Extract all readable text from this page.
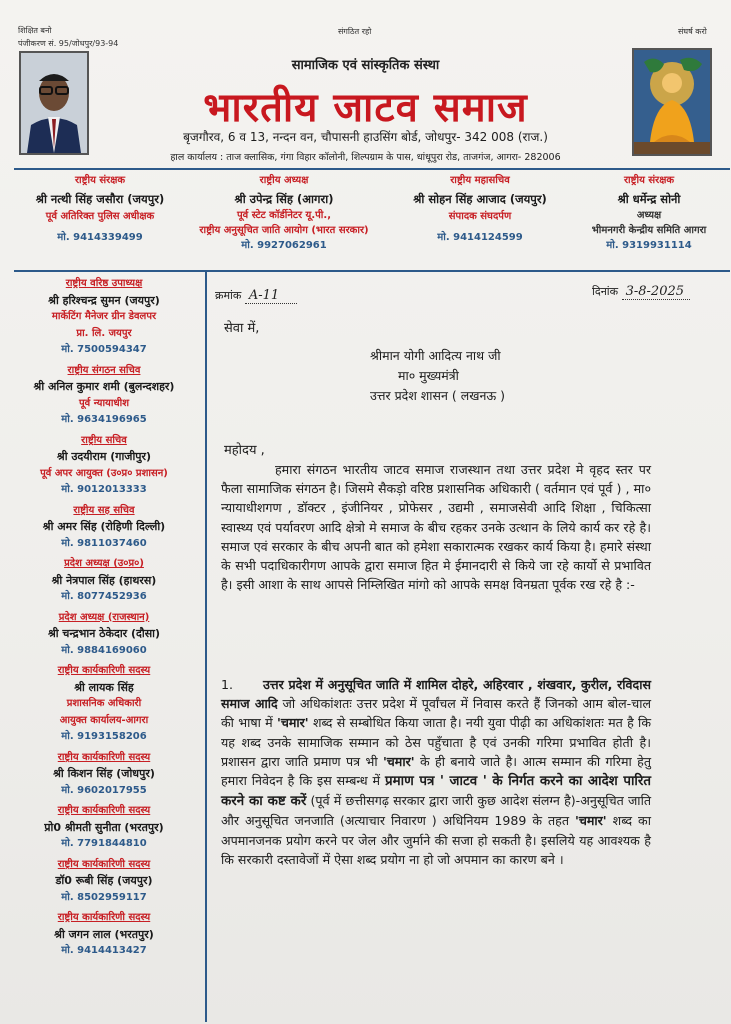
शिक्षित बनो
पंजीकरण सं. 95/जोधपुर/93-94
संगठित रहो	संघर्ष करो
सामाजिक एवं सांस्कृतिक संस्था
भारतीय जाटव समाज
बृजगौरव, 6 व 13, नन्दन वन, चौपासनी हाउसिंग बोर्ड, जोधपुर- 342 008 (राज.)
हाल कार्यालय : ताज क्लासिक, गंगा विहार कॉलोनी, शिल्पग्राम के पास, धांधूपुरा रोड, ताजगंज, आगरा- 282006
राष्ट्रीय संरक्षक
श्री नत्थी सिंह जसौरा (जयपुर)
पूर्व अतिरिक्त पुलिस अधीक्षक
मो. 9414339499
राष्ट्रीय अध्यक्ष
श्री उपेन्द्र सिंह (आगरा)
पूर्व स्टेट कॉर्डीनेटर यू.पी.,
राष्ट्रीय अनुसूचित जाति आयोग (भारत सरकार)
मो. 9927062961
राष्ट्रीय महासचिव
श्री सोहन सिंह आजाद (जयपुर)
संपादक संघदर्पण
मो. 9414124599
राष्ट्रीय संरक्षक
श्री धर्मेन्द्र सोनी
अध्यक्ष
भीमनगरी केन्द्रीय समिति आगरा
मो. 9319931114
राष्ट्रीय वरिष्ठ उपाध्यक्ष
श्री हरिश्चन्द्र सुमन (जयपुर)
मार्केटिंग मैनेजर ग्रीन डेवलपर
प्रा. लि. जयपुर
मो. 7500594347
राष्ट्रीय संगठन सचिव
श्री अनिल कुमार शमी (बुलन्दशहर)
पूर्व न्यायाधीश
मो. 9634196965
राष्ट्रीय सचिव
श्री उदयीराम (गाजीपुर)
पूर्व अपर आयुक्त (उ०प्र० प्रशासन)
मो. 9012013333
राष्ट्रीय सह सचिव
श्री अमर सिंह (रोहिणी दिल्ली)
मो. 9811037460
प्रदेश अध्यक्ष (उ०प्र०)
श्री नेत्रपाल सिंह (हाथरस)
मो. 8077452936
प्रदेश अध्यक्ष (राजस्थान)
श्री चन्द्रभान ठेकेदार (दौसा)
मो. 9884169060
राष्ट्रीय कार्यकारिणी सदस्य
श्री लायक सिंह
प्रशासनिक अधिकारी
आयुक्त कार्यालय-आगरा
मो. 9193158206
राष्ट्रीय कार्यकारिणी सदस्य
श्री किशन सिंह (जोधपुर)
मो. 9602017955
राष्ट्रीय कार्यकारिणी सदस्य
प्रो0 श्रीमती सुनीता (भरतपुर)
मो. 7791844810
राष्ट्रीय कार्यकारिणी सदस्य
डॉ0 रूबी सिंह (जयपुर)
मो. 8502959117
राष्ट्रीय कार्यकारिणी सदस्य
श्री जगन लाल (भरतपुर)
मो. 9414413427
क्रमांक A-11	दिनांक 3-8-2025
सेवा में,
श्रीमान योगी आदित्य नाथ जी
मा० मुख्यमंत्री
उत्तर प्रदेश शासन ( लखनऊ )
महोदय ,
हमारा संगठन भारतीय जाटव समाज राजस्थान तथा उत्तर प्रदेश मे वृहद स्तर पर फैला सामाजिक संगठन है। जिसमे सैकड़ो वरिष्ठ प्रशासनिक अधिकारी ( वर्तमान एवं पूर्व ) , मा० न्यायाधीशगण , डॉक्टर , इंजीनियर , प्रोफेसर , उद्यमी , समाजसेवी आदि शिक्षा , चिकित्सा स्वास्थ्य एवं पर्यावरण आदि क्षेत्रो मे समाज के बीच रहकर उनके उत्थान के लिये कार्य कर रहे है। समाज एवं सरकार के बीच अपनी बात को हमेशा सकारात्मक रखकर कार्य किया है। हमारे संस्था के सभी पदाधिकारीगण आपके द्वारा समाज हित मे ईमानदारी से किये जा रहे कार्यो से प्रभावित है। इसी आशा के साथ आपसे निम्लिखित मांगो को आपके समक्ष विनम्रता पूर्वक रख रहे है :-
1. उत्तर प्रदेश में अनुसूचित जाति में शामिल दोहरे, अहिरवार , शंखवार, कुरील, रविदास समाज आदि जो अधिकांशतः उत्तर प्रदेश में पूर्वांचल में निवास करते हैं जिनको आम बोल-चाल की भाषा में 'चमार' शब्द से सम्बोधित किया जाता है। नयी युवा पीढ़ी का अधिकांशतः मत है कि यह शब्द उनके सामाजिक सम्मान को ठेस पहुँचाता है एवं उनकी गरिमा प्रभावित होती है। प्रशासन द्वारा जाति प्रमाण पत्र भी 'चमार' के ही बनाये जाते है। आत्म सम्मान की गरिमा हेतु हमारा निवेदन है कि इस सम्बन्ध में प्रमाण पत्र ' जाटव ' के निर्गत करने का आदेश पारित करने का कष्ट करें (पूर्व में छत्तीसगढ़ सरकार द्वारा जारी कुछ आदेश संलग्न है)-अनुसूचित जाति और अनुसूचित जनजाति (अत्याचार निवारण ) अधिनियम 1989 के तहत 'चमार' शब्द का अपमानजनक प्रयोग करने पर जेल और जुर्माने की सजा हो सकती है। इसलिये यह आवश्यक है कि सरकारी दस्तावेजों में ऐसा शब्द प्रयोग ना हो जो अपमान का कारण बने ।
